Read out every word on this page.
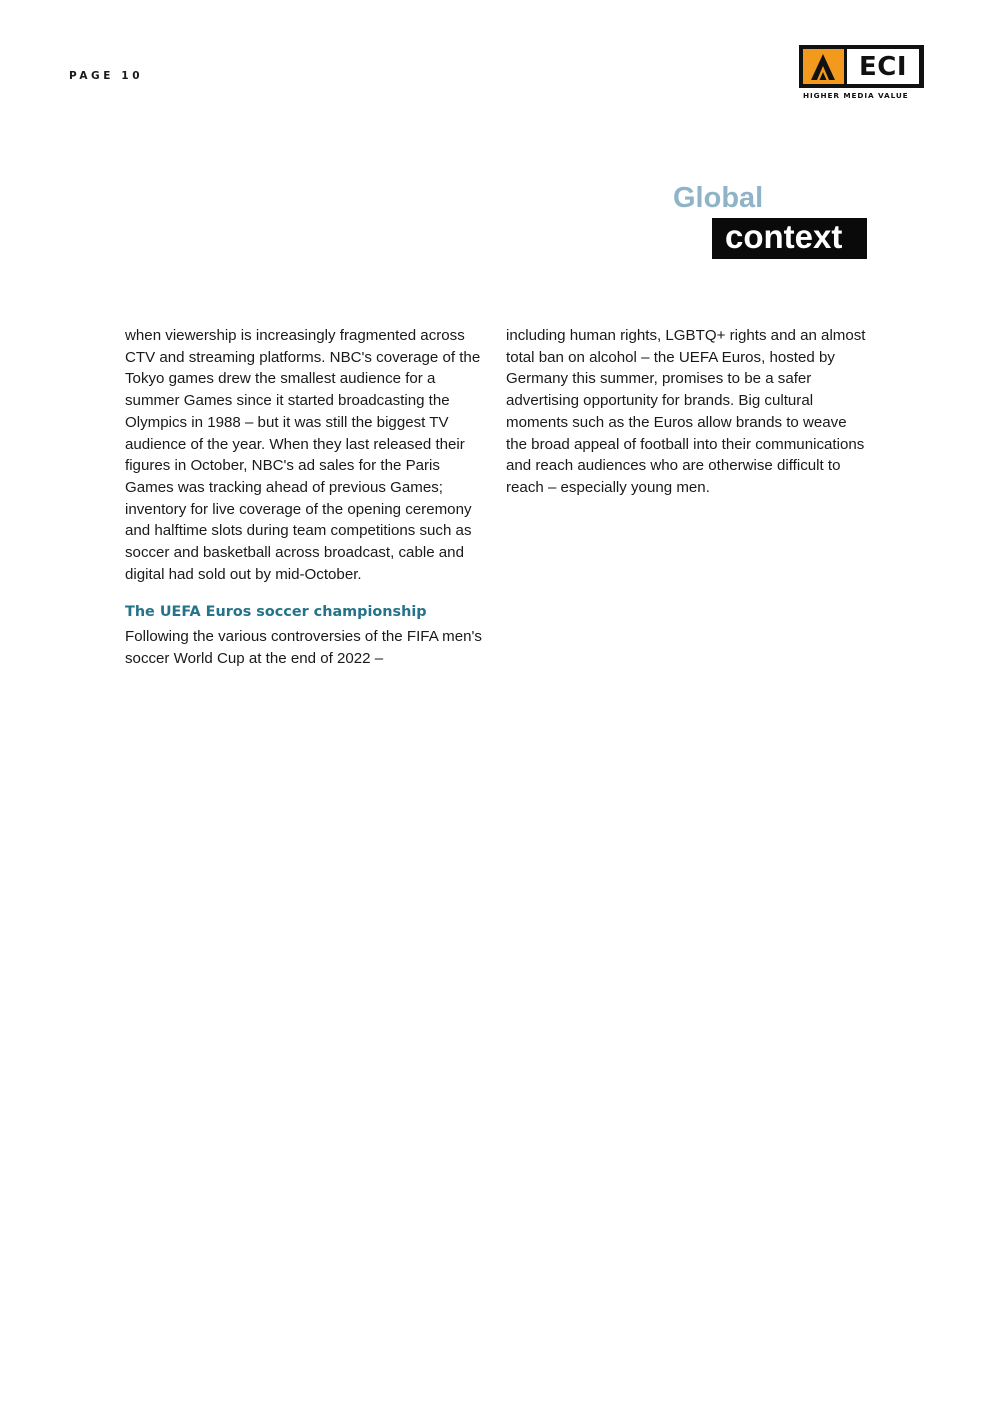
PAGE 10	ECI
HIGHER MEDIA VALUE
Global
context

when viewership is increasingly fragmented across CTV and streaming platforms. NBC's coverage of the Tokyo games drew the smallest audience for a summer Games since it started broadcasting the Olympics in 1988 – but it was still the biggest TV audience of the year. When they last released their figures in October, NBC's ad sales for the Paris Games was tracking ahead of previous Games; inventory for live coverage of the opening ceremony and halftime slots during team competitions such as soccer and basketball across broadcast, cable and digital had sold out by mid-October.

The UEFA Euros soccer championship

Following the various controversies of the FIFA men's soccer World Cup at the end of 2022 –

including human rights, LGBTQ+ rights and an almost total ban on alcohol – the UEFA Euros, hosted by Germany this summer, promises to be a safer advertising opportunity for brands. Big cultural moments such as the Euros allow brands to weave the broad appeal of football into their communications and reach audiences who are otherwise difficult to reach – especially young men.
